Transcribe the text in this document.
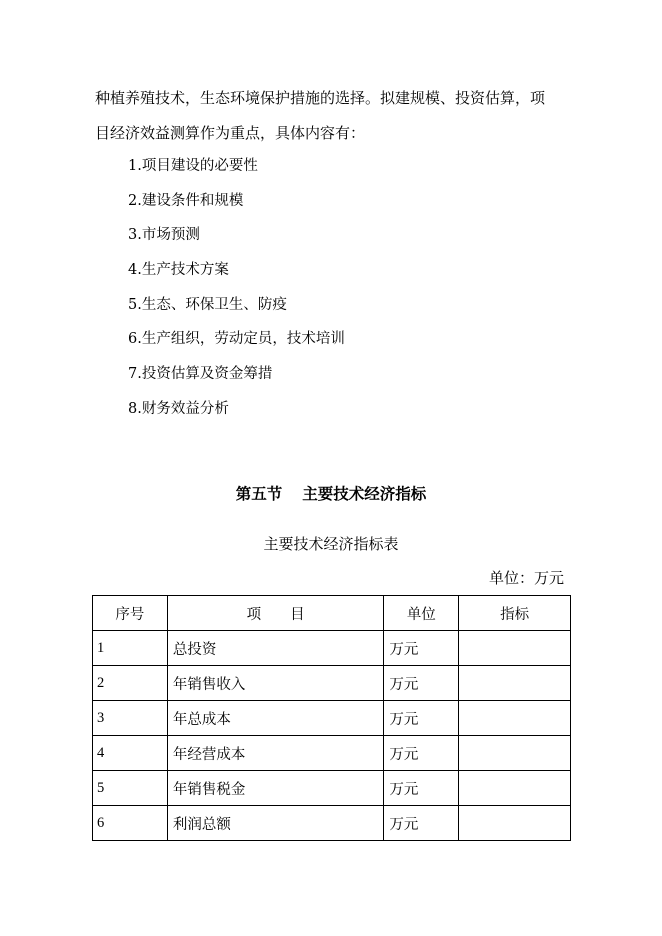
种植养殖技术，生态环境保护措施的选择。拟建规模、投资估算，项
目经济效益测算作为重点，具体内容有：
1.项目建设的必要性
2.建设条件和规模
3.市场预测
4.生产技术方案
5.生态、环保卫生、防疫
6.生产组织，劳动定员，技术培训
7.投资估算及资金筹措
8.财务效益分析
第五节 主要技术经济指标
主要技术经济指标表
单位：万元
序号	项　　目	单位	指标
1	总投资	万元	
2	年销售收入	万元	
3	年总成本	万元	
4	年经营成本	万元	
5	年销售税金	万元	
6	利润总额	万元	
